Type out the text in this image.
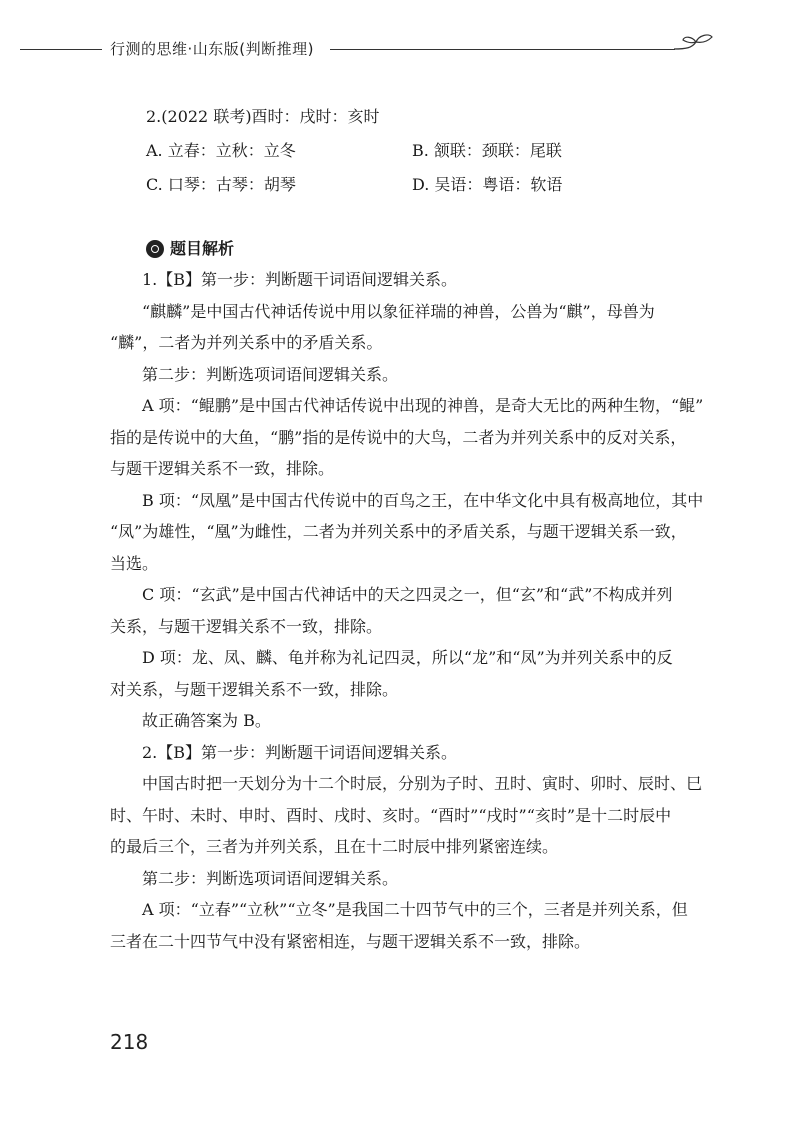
行测的思维·山东版(判断推理)
2.(2022 联考)酉时：戌时：亥时
A. 立春：立秋：立冬	B. 颔联：颈联：尾联
C. 口琴：古琴：胡琴	D. 吴语：粤语：软语
题目解析
1.【B】第一步：判断题干词语间逻辑关系。
“麒麟”是中国古代神话传说中用以象征祥瑞的神兽，公兽为“麒”，母兽为
“麟”，二者为并列关系中的矛盾关系。
第二步：判断选项词语间逻辑关系。
A 项：“鲲鹏”是中国古代神话传说中出现的神兽，是奇大无比的两种生物，“鲲”
指的是传说中的大鱼，“鹏”指的是传说中的大鸟，二者为并列关系中的反对关系，
与题干逻辑关系不一致，排除。
B 项：“凤凰”是中国古代传说中的百鸟之王，在中华文化中具有极高地位，其中
“凤”为雄性，“凰”为雌性，二者为并列关系中的矛盾关系，与题干逻辑关系一致，
当选。
C 项：“玄武”是中国古代神话中的天之四灵之一，但“玄”和“武”不构成并列
关系，与题干逻辑关系不一致，排除。
D 项：龙、凤、麟、龟并称为礼记四灵，所以“龙”和“凤”为并列关系中的反
对关系，与题干逻辑关系不一致，排除。
故正确答案为 B。
2.【B】第一步：判断题干词语间逻辑关系。
中国古时把一天划分为十二个时辰，分别为子时、丑时、寅时、卯时、辰时、巳
时、午时、未时、申时、酉时、戌时、亥时。“酉时”“戌时”“亥时”是十二时辰中
的最后三个，三者为并列关系，且在十二时辰中排列紧密连续。
第二步：判断选项词语间逻辑关系。
A 项：“立春”“立秋”“立冬”是我国二十四节气中的三个，三者是并列关系，但
三者在二十四节气中没有紧密相连，与题干逻辑关系不一致，排除。
218
